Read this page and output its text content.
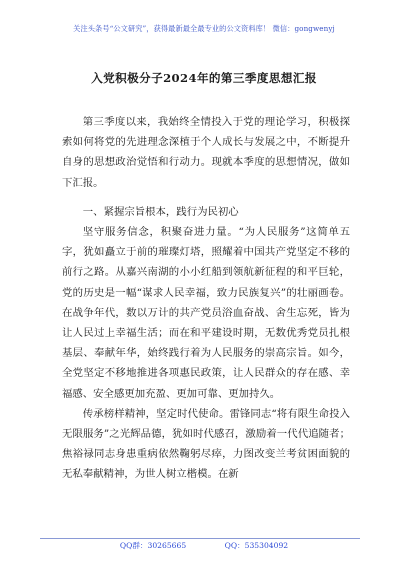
关注头条号“公文研究”，获得最新最全最专业的公文资料库！ 微信：gongwenyj
入党积极分子2024年的第三季度思想汇报

第三季度以来，我始终全情投入于党的理论学习，积极探索如何将党的先进理念深植于个人成长与发展之中，不断提升自身的思想政治觉悟和行动力。现就本季度的思想情况，做如下汇报。

一、紧握宗旨根本，践行为民初心

坚守服务信念，积聚奋进力量。“为人民服务”这简单五字，犹如矗立于前的璀璨灯塔，照耀着中国共产党坚定不移的前行之路。从嘉兴南湖的小小红船到领航新征程的和平巨轮，党的历史是一幅“谋求人民幸福，致力民族复兴”的壮丽画卷。在战争年代，数以万计的共产党员浴血奋战、舍生忘死，皆为让人民过上幸福生活；而在和平建设时期，无数优秀党员扎根基层、奉献年华，始终践行着为人民服务的崇高宗旨。如今，全党坚定不移地推进各项惠民政策，让人民群众的存在感、幸福感、安全感更加充盈、更加可靠、更加持久。

传承榜样精神，坚定时代使命。雷锋同志“将有限生命投入无限服务”之光辉品德，犹如时代感召，激励着一代代追随者；焦裕禄同志身患重病依然鞠躬尽瘁，力图改变兰考贫困面貌的无私奉献精神，为世人树立楷模。在新

QQ群：30265665	QQ：535304092
